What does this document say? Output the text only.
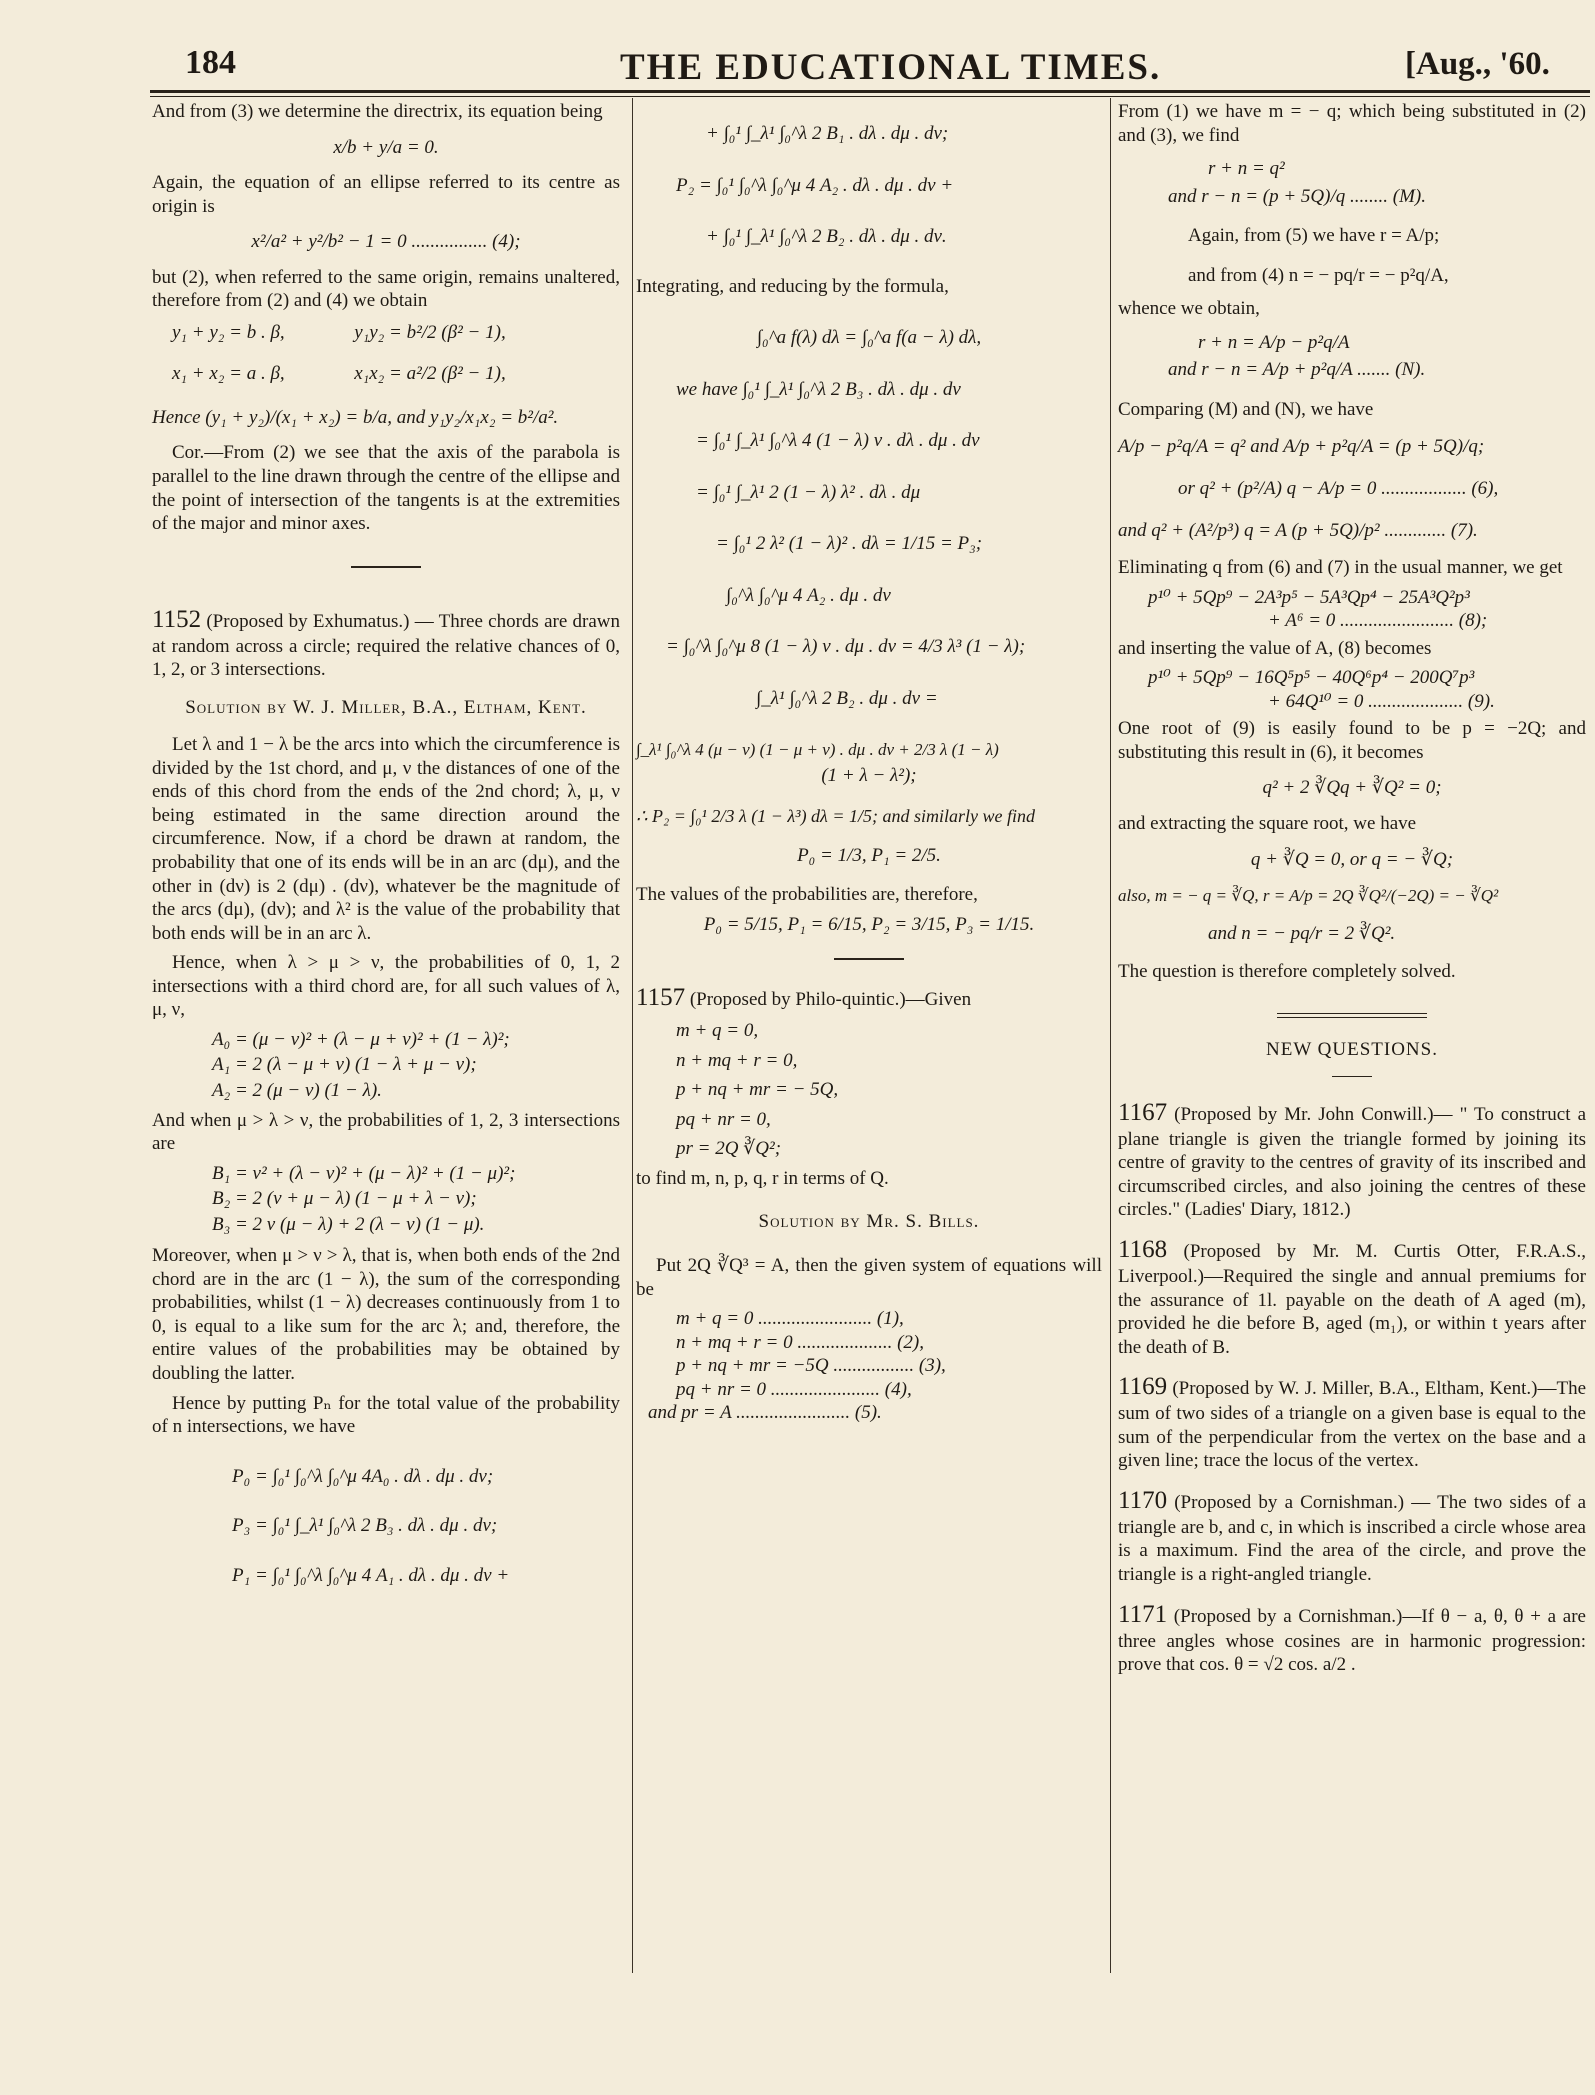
184	THE EDUCATIONAL TIMES.	[Aug., '60.

And from (3) we determine the directrix, its equation being

x/b + y/a = 0.

Again, the equation of an ellipse referred to its centre as origin is

x²/a² + y²/b² − 1 = 0 ................ (4);

but (2), when referred to the same origin, remains unaltered, therefore from (2) and (4) we obtain

y₁ + y₂ = b . β,	y₁y₂ = b²/2 (β² − 1),
x₁ + x₂ = a . β,	x₁x₂ = a²/2 (β² − 1),
Hence (y₁ + y₂)/(x₁ + x₂) = b/a, and y₁y₂/x₁x₂ = b²/a².

Cor.—From (2) we see that the axis of the parabola is parallel to the line drawn through the centre of the ellipse and the point of intersection of the tangents is at the extremities of the major and minor axes.

1152 (Proposed by Exhumatus.) — Three chords are drawn at random across a circle; required the relative chances of 0, 1, 2, or 3 intersections.

Solution by W. J. Miller, B.A., Eltham, Kent.

Let λ and 1 − λ be the arcs into which the circumference is divided by the 1st chord, and μ, ν the distances of one of the ends of this chord from the ends of the 2nd chord; λ, μ, ν being estimated in the same direction around the circumference. Now, if a chord be drawn at random, the probability that one of its ends will be in an arc (dμ), and the other in (dν) is 2 (dμ) . (dν), whatever be the magnitude of the arcs (dμ), (dν); and λ² is the value of the probability that both ends will be in an arc λ.

Hence, when λ > μ > ν, the probabilities of 0, 1, 2 intersections with a third chord are, for all such values of λ, μ, ν,

A₀ = (μ − ν)² + (λ − μ + ν)² + (1 − λ)²;
A₁ = 2 (λ − μ + ν) (1 − λ + μ − ν);
A₂ = 2 (μ − ν) (1 − λ).

And when μ > λ > ν, the probabilities of 1, 2, 3 intersections are

B₁ = ν² + (λ − ν)² + (μ − λ)² + (1 − μ)²;
B₂ = 2 (ν + μ − λ) (1 − μ + λ − ν);
B₃ = 2 ν (μ − λ) + 2 (λ − ν) (1 − μ).

Moreover, when μ > ν > λ, that is, when both ends of the 2nd chord are in the arc (1 − λ), the sum of the corresponding probabilities, whilst (1 − λ) decreases continuously from 1 to 0, is equal to a like sum for the arc λ; and, therefore, the entire values of the probabilities may be obtained by doubling the latter.

Hence by putting Pₙ for the total value of the probability of n intersections, we have

P₀ = ∫₀¹ ∫₀^λ ∫₀^μ 4A₀ . dλ . dμ . dν;
P₃ = ∫₀¹ ∫_λ¹ ∫₀^λ 2 B₃ . dλ . dμ . dν;
P₁ = ∫₀¹ ∫₀^λ ∫₀^μ 4 A₁ . dλ . dμ . dν +
+ ∫₀¹ ∫_λ¹ ∫₀^λ 2 B₁ . dλ . dμ . dν;
P₂ = ∫₀¹ ∫₀^λ ∫₀^μ 4 A₂ . dλ . dμ . dν +
+ ∫₀¹ ∫_λ¹ ∫₀^λ 2 B₂ . dλ . dμ . dν.

Integrating, and reducing by the formula,

∫₀^a f(λ) dλ = ∫₀^a f(a − λ) dλ,
we have ∫₀¹ ∫_λ¹ ∫₀^λ 2 B₃ . dλ . dμ . dν
= ∫₀¹ ∫_λ¹ ∫₀^λ 4 (1 − λ) ν . dλ . dμ . dν
= ∫₀¹ ∫_λ¹ 2 (1 − λ) λ² . dλ . dμ
= ∫₀¹ 2 λ² (1 − λ)² . dλ = 1/15 = P₃;
∫₀^λ ∫₀^μ 4 A₂ . dμ . dν
= ∫₀^λ ∫₀^μ 8 (1 − λ) ν . dμ . dν = 4/3 λ³ (1 − λ);
∫_λ¹ ∫₀^λ 2 B₂ . dμ . dν =
∫_λ¹ ∫₀^λ 4 (μ − ν) (1 − μ + ν) . dμ . dν + 2/3 λ (1 − λ)
(1 + λ − λ²);
∴ P₂ = ∫₀¹ 2/3 λ (1 − λ³) dλ = 1/5; and similarly we find
P₀ = 1/3, P₁ = 2/5.

The values of the probabilities are, therefore,

P₀ = 5/15, P₁ = 6/15, P₂ = 3/15, P₃ = 1/15.

1157 (Proposed by Philo-quintic.)—Given

m + q = 0,
n + mq + r = 0,
p + nq + mr = − 5Q,
pq + nr = 0,
pr = 2Q ∛Q²;

to find m, n, p, q, r in terms of Q.

Solution by Mr. S. Bills.

Put 2Q ∛Q³ = A, then the given system of equations will be

m + q = 0 ........................ (1),
n + mq + r = 0 .................... (2),
p + nq + mr = −5Q ................. (3),
pq + nr = 0 ....................... (4),
and pr = A ........................ (5).

From (1) we have m = − q; which being substituted in (2) and (3), we find

r + n = q²
and r − n = (p + 5Q)/q ........ (M).

Again, from (5) we have r = A/p;

and from (4) n = − pq/r = − p²q/A,

whence we obtain,

r + n = A/p − p²q/A
and r − n = A/p + p²q/A ....... (N).

Comparing (M) and (N), we have

A/p − p²q/A = q² and A/p + p²q/A = (p + 5Q)/q;
or q² + (p²/A) q − A/p = 0 .................. (6),
and q² + (A²/p³) q = A (p + 5Q)/p² ............. (7).

Eliminating q from (6) and (7) in the usual manner, we get

p¹⁰ + 5Qp⁹ − 2A³p⁵ − 5A³Qp⁴ − 25A³Q²p³
+ A⁶ = 0 ........................ (8);

and inserting the value of A, (8) becomes

p¹⁰ + 5Qp⁹ − 16Q⁵p⁵ − 40Q⁶p⁴ − 200Q⁷p³
+ 64Q¹⁰ = 0 .................... (9).

One root of (9) is easily found to be p = −2Q; and substituting this result in (6), it becomes

q² + 2 ∛Qq + ∛Q² = 0;

and extracting the square root, we have

q + ∛Q = 0, or q = − ∛Q;
also, m = − q = ∛Q, r = A/p = 2Q ∛Q²/(−2Q) = − ∛Q²
and n = − pq/r = 2 ∛Q².

The question is therefore completely solved.

NEW QUESTIONS.

1167 (Proposed by Mr. John Conwill.)— " To construct a plane triangle is given the triangle formed by joining its centre of gravity to the centres of gravity of its inscribed and circumscribed circles, and also joining the centres of these circles." (Ladies' Diary, 1812.)

1168 (Proposed by Mr. M. Curtis Otter, F.R.A.S., Liverpool.)—Required the single and annual premiums for the assurance of 1l. payable on the death of A aged (m), provided he die before B, aged (m₁), or within t years after the death of B.

1169 (Proposed by W. J. Miller, B.A., Eltham, Kent.)—The sum of two sides of a triangle on a given base is equal to the sum of the perpendicular from the vertex on the base and a given line; trace the locus of the vertex.

1170 (Proposed by a Cornishman.) — The two sides of a triangle are b, and c, in which is inscribed a circle whose area is a maximum. Find the area of the circle, and prove the triangle is a right-angled triangle.

1171 (Proposed by a Cornishman.)—If θ − a, θ, θ + a are three angles whose cosines are in harmonic progression: prove that cos. θ = √2 cos. a/2 .
